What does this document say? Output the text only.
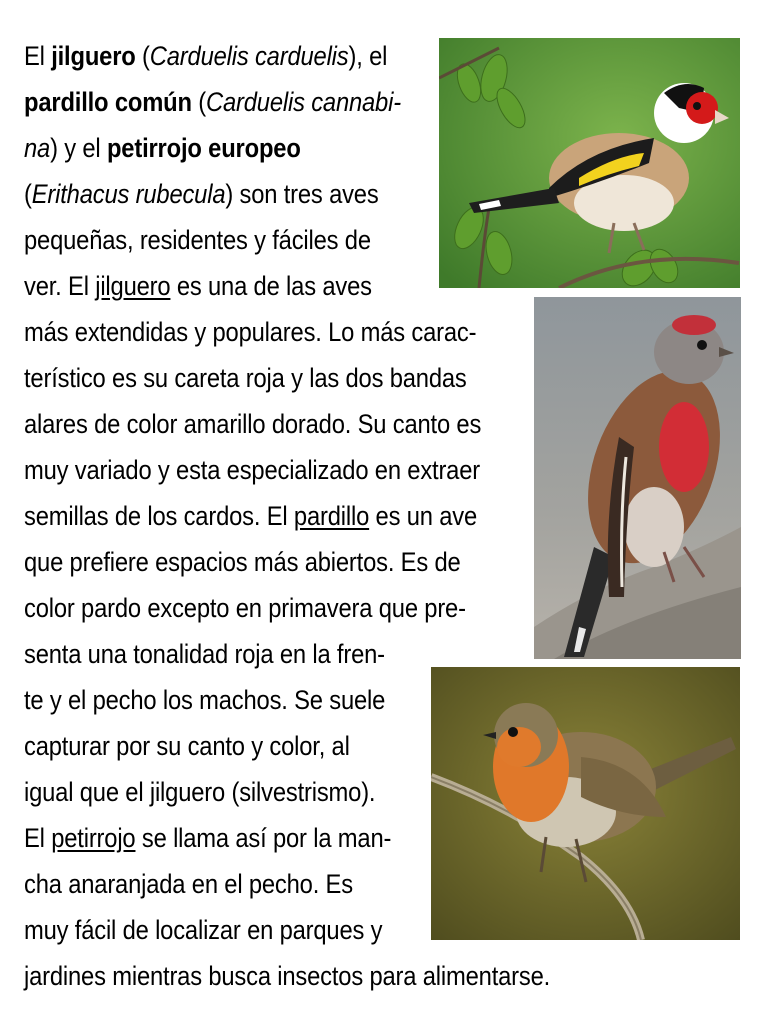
El jilguero (Carduelis carduelis), el
pardillo común (Carduelis cannabi-
na) y el petirrojo europeo
(Erithacus rubecula) son tres aves
pequeñas, residentes y fáciles de
ver. El jilguero es una de las aves
más extendidas y populares. Lo más carac-
terístico es su careta roja y las dos bandas
alares de color amarillo dorado. Su canto es
muy variado y esta especializado en extraer
semillas de los cardos. El pardillo es un ave
que prefiere espacios más abiertos. Es de
color pardo excepto en primavera que pre-
senta una tonalidad roja en la fren-
te y el pecho los machos. Se suele
capturar por su canto y color, al
igual que el jilguero (silvestrismo).
El petirrojo se llama así por la man-
cha anaranjada en el pecho. Es
muy fácil de localizar en parques y
jardines mientras busca insectos para alimentarse.
